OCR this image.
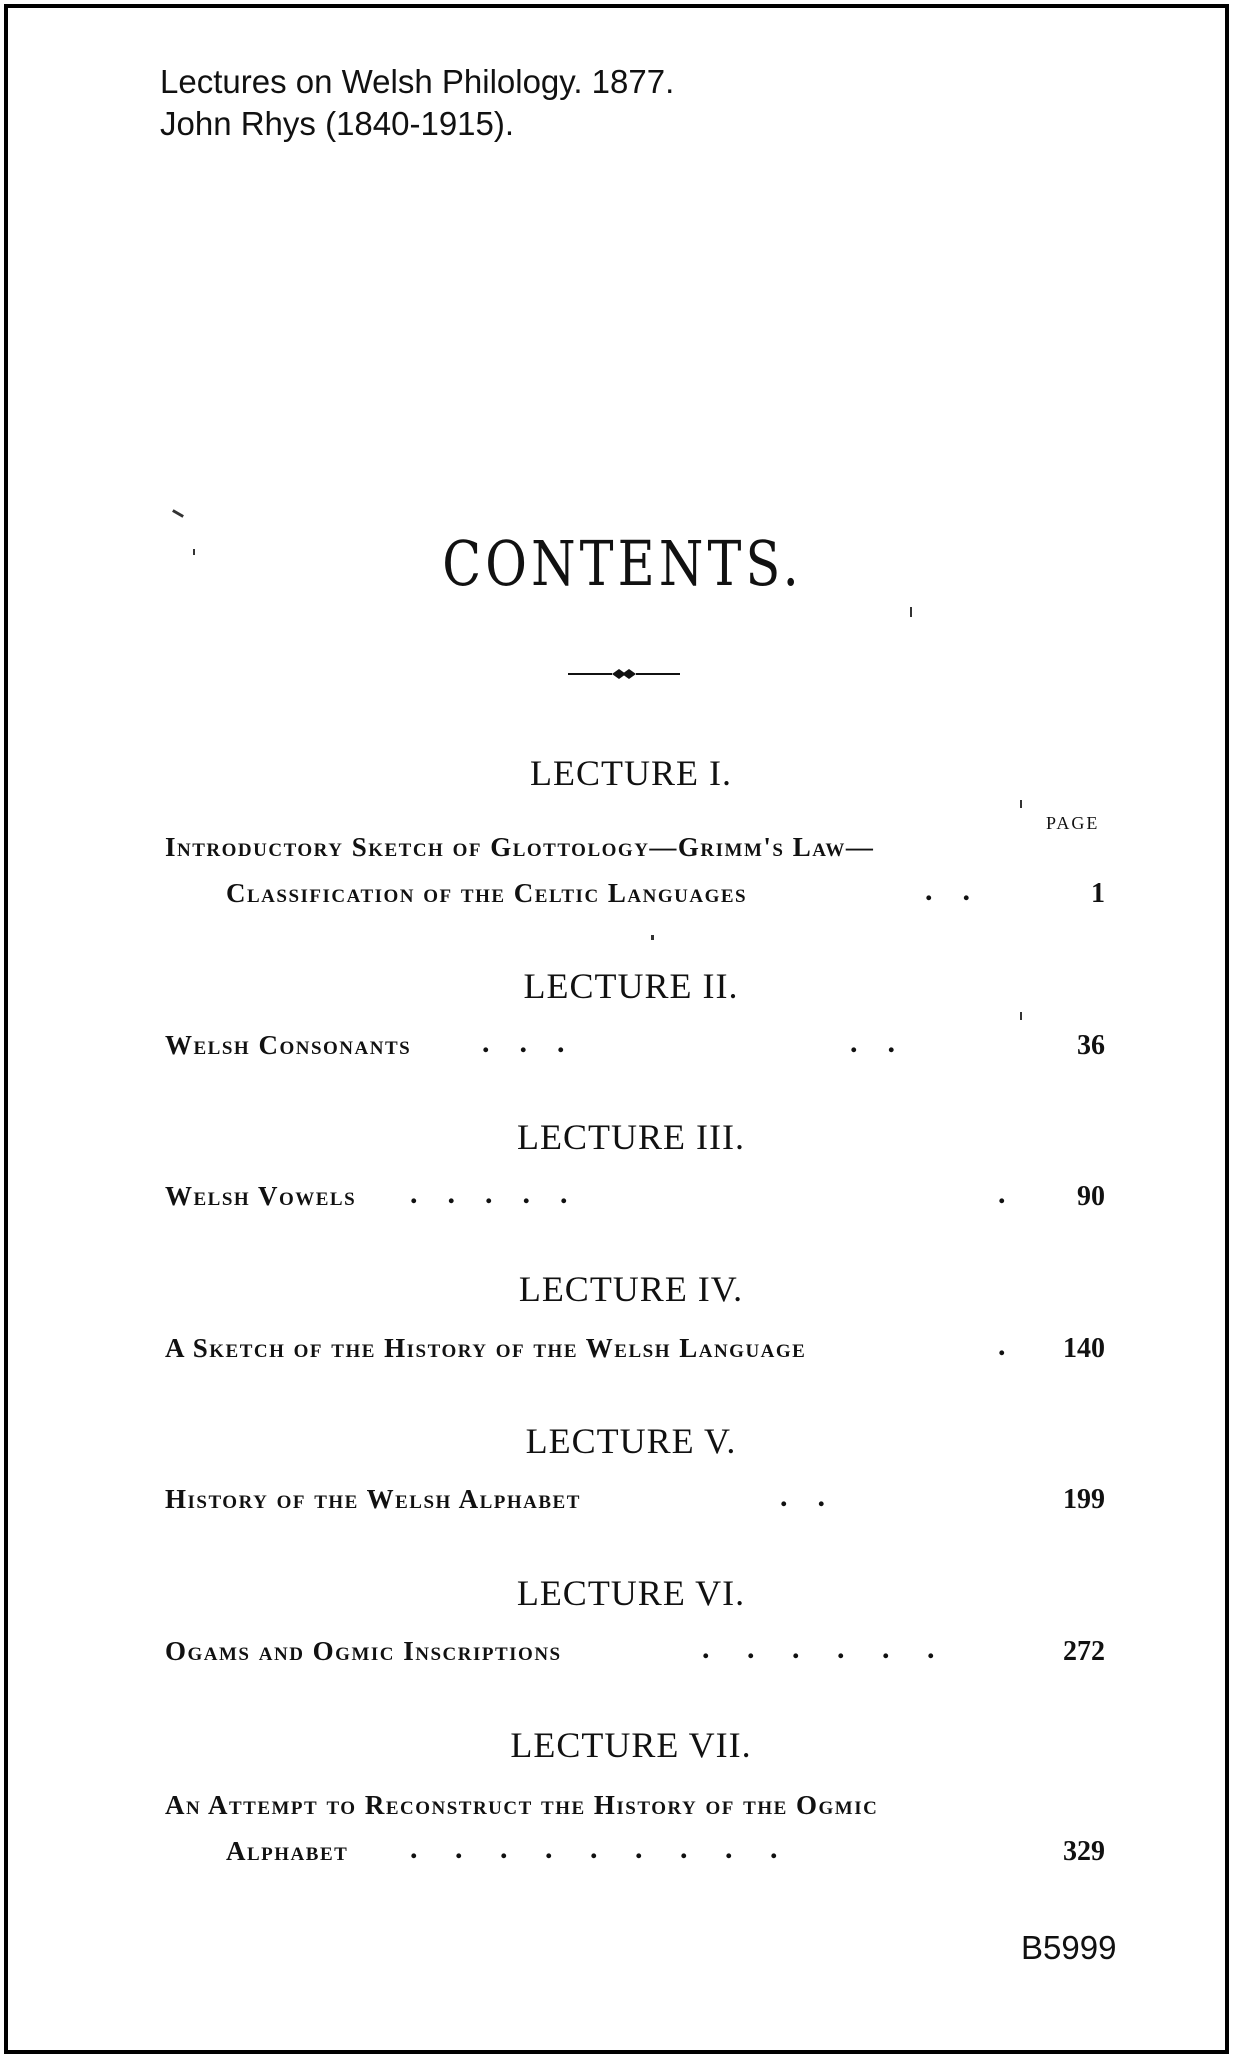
Lectures on Welsh Philology. 1877.
John Rhys (1840-1915).
CONTENTS.
LECTURE I.
PAGE
Introductory Sketch of Glottology—Grimm's Law—
Classification of the Celtic Languages	.    .	1
LECTURE II.
Welsh Consonants	.    .    .	.    .	36
LECTURE III.
Welsh Vowels	.    .    .    .    .	.	90
LECTURE IV.
A Sketch of the History of the Welsh Language	. 140
LECTURE V.
History of the Welsh Alphabet	.    .	199
LECTURE VI.
Ogams and Ogmic Inscriptions	.     .     .     .     .     .	272
LECTURE VII.
An Attempt to Reconstruct the History of the Ogmic
Alphabet	.     .     .     .     .     .     .     .     .	329
B5999
